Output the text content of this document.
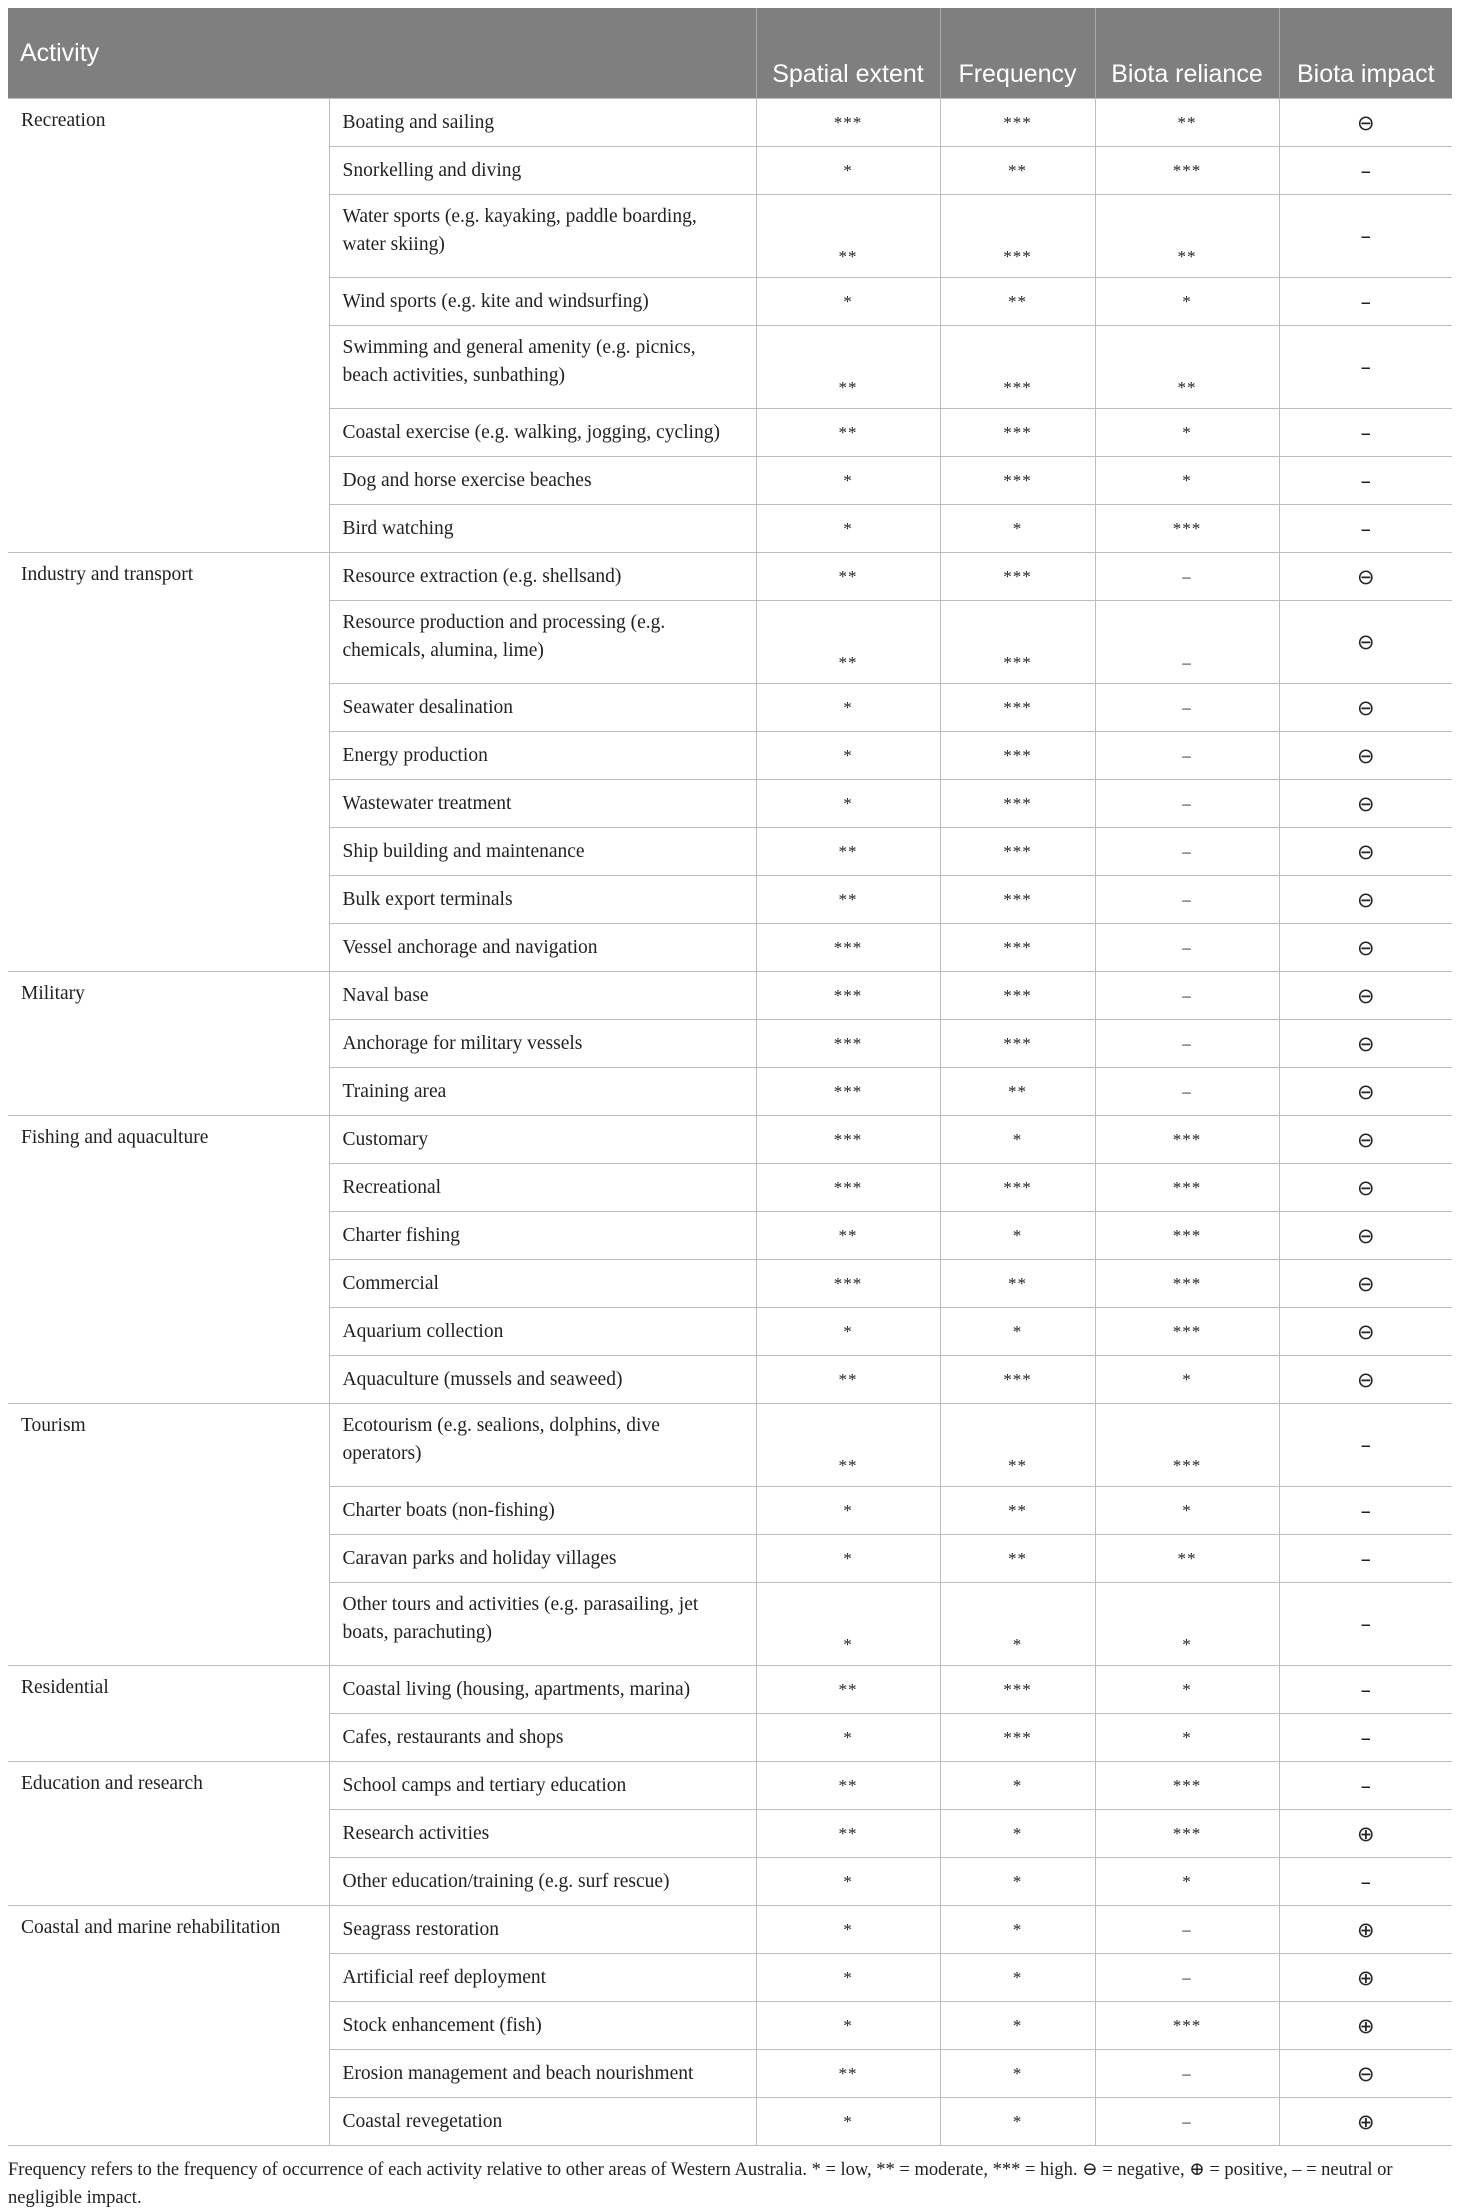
Activity		Spatial extent	Frequency	Biota reliance	Biota impact
Recreation	Boating and sailing	***	***	**	⊖
	Snorkelling and diving	*	**	***	–
	Water sports (e.g. kayaking, paddle boarding, water skiing)	**	***	**	–
	Wind sports (e.g. kite and windsurfing)	*	**	*	–
	Swimming and general amenity (e.g. picnics, beach activities, sunbathing)	**	***	**	–
	Coastal exercise (e.g. walking, jogging, cycling)	**	***	*	–
	Dog and horse exercise beaches	*	***	*	–
	Bird watching	*	*	***	–
Industry and transport	Resource extraction (e.g. shellsand)	**	***	–	⊖
	Resource production and processing (e.g. chemicals, alumina, lime)	**	***	–	⊖
	Seawater desalination	*	***	–	⊖
	Energy production	*	***	–	⊖
	Wastewater treatment	*	***	–	⊖
	Ship building and maintenance	**	***	–	⊖
	Bulk export terminals	**	***	–	⊖
	Vessel anchorage and navigation	***	***	–	⊖
Military	Naval base	***	***	–	⊖
	Anchorage for military vessels	***	***	–	⊖
	Training area	***	**	–	⊖
Fishing and aquaculture	Customary	***	*	***	⊖
	Recreational	***	***	***	⊖
	Charter fishing	**	*	***	⊖
	Commercial	***	**	***	⊖
	Aquarium collection	*	*	***	⊖
	Aquaculture (mussels and seaweed)	**	***	*	⊖
Tourism	Ecotourism (e.g. sealions, dolphins, dive operators)	**	**	***	–
	Charter boats (non-fishing)	*	**	*	–
	Caravan parks and holiday villages	*	**	**	–
	Other tours and activities (e.g. parasailing, jet boats, parachuting)	*	*	*	–
Residential	Coastal living (housing, apartments, marina)	**	***	*	–
	Cafes, restaurants and shops	*	***	*	–
Education and research	School camps and tertiary education	**	*	***	–
	Research activities	**	*	***	⊕
	Other education/training (e.g. surf rescue)	*	*	*	–
Coastal and marine rehabilitation	Seagrass restoration	*	*	–	⊕
	Artificial reef deployment	*	*	–	⊕
	Stock enhancement (fish)	*	*	***	⊕
	Erosion management and beach nourishment	**	*	–	⊖
	Coastal revegetation	*	*	–	⊕
Frequency refers to the frequency of occurrence of each activity relative to other areas of Western Australia. * = low, ** = moderate, *** = high. ⊖ = negative, ⊕ = positive, – = neutral or negligible impact.
